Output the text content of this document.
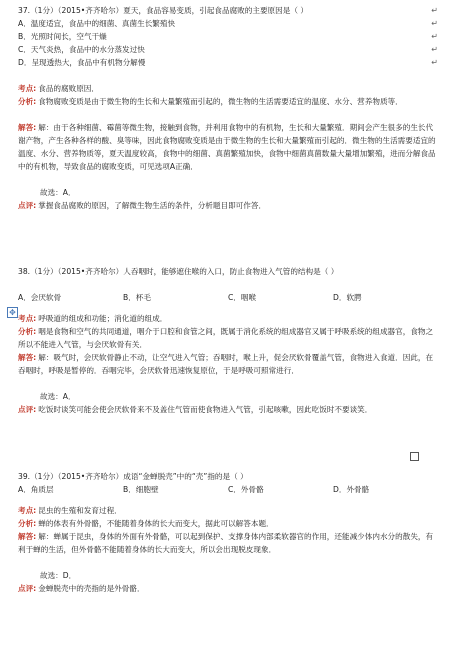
37.（1分）（2015•齐齐哈尔）夏天，食品容易变质，引起食品腐败的主要原因是（ ）	↵
A．温度适宜，食品中的细菌、真菌生长繁殖快	↵
B．光照时间长，空气干燥	↵
C．天气炎热，食品中的水分蒸发过快	↵
D．呈现透热大，食品中有机物分解慢	↵
考点: 食品的腐败原因．
分析: 食物腐败变质是由于微生物的生长和大量繁殖而引起的，微生物的生活需要适宜的温度、水分、营养物质等．
解答: 解：由于各种细菌、霉菌等微生物，接触到食物，并利用食物中的有机物，生长和大量繁殖．期间会产生很多的生长代谢产物，产生各种各样的酸、臭等味，因此食物腐败变质是由于微生物的生长和大量繁殖而引起的．微生物的生活需要适宜的温度、水分、营养物质等，夏天温度较高，食物中的细菌、真菌繁殖加快，食物中细菌真菌数量大量增加繁殖，进而分解食品中的有机物，导致食品的腐败变质，可见选项A正确．
故选：A．
点评: 掌握食品腐败的原因，了解微生物生活的条件，分析题目即可作答．
38.（1分）（2015•齐齐哈尔）人吞咽时，能够遮住喉的入口，防止食物进入气管的结构是（ ）
A．会厌软骨	B．杯毛	C．咽喉	D．软腭
考点: 呼吸道的组成和功能；消化道的组成．
分析: 咽是食物和空气的共同通道，咽介于口腔和食管之间，既属于消化系统的组成器官又属于呼吸系统的组成器官，食物之所以不能进入气管，与会厌软骨有关．
解答: 解：吸气时，会厌软骨静止不动，让空气进入气管；吞咽时，喉上升，促会厌软骨覆盖气管，食物进入食道．因此，在吞咽时，呼吸是暂停的．吞咽完毕，会厌软骨迅速恢复原位，于是呼吸可照常进行．
故选：A．
点评: 吃饭时谈笑可能会使会厌软骨来不及盖住气管而使食物进入气管，引起咳嗽，因此吃饭时不要谈笑．
39.（1分）（2015•齐齐哈尔）成语“金蝉脱壳”中的“壳”指的是（ ）
A．角质层	B．细胞壁	C．外骨骼	D．外骨骼
考点: 昆虫的生殖和发育过程．
分析: 蝉的体表有外骨骼，不能随着身体的长大而变大，据此可以解答本题．
解答: 解：蝉属于昆虫，身体的外面有外骨骼，可以起到保护、支撑身体内部柔软器官的作用，还能减少体内水分的散失，有利于蝉的生活，但外骨骼不能随着身体的长大而变大，所以会出现脱皮现象．
故选：D．
点评: 金蝉脱壳中的壳指的是外骨骼．
✥
